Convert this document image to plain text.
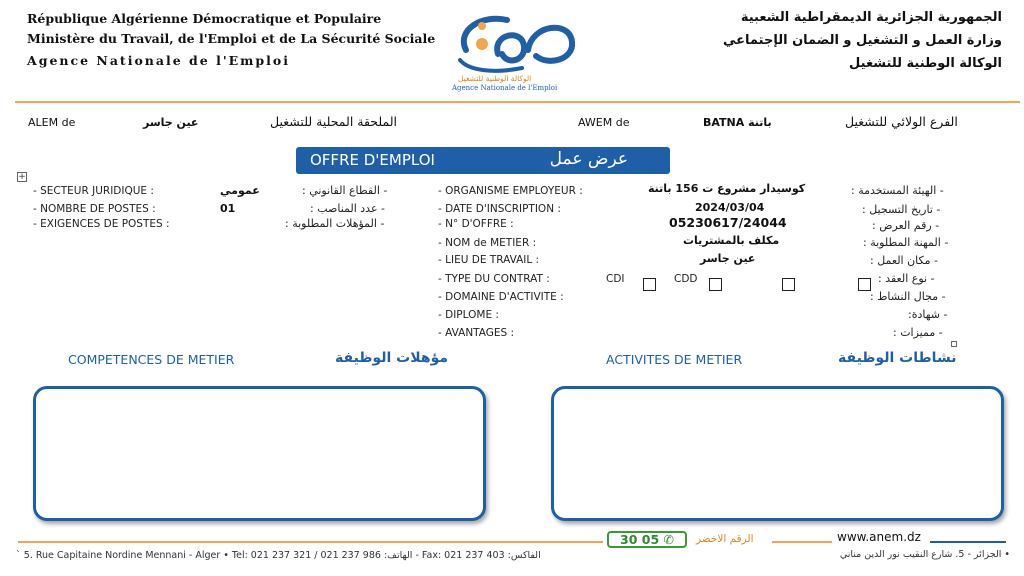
République Algérienne Démocratique et Populaire
Ministère du Travail, de l'Emploi et de La Sécurité Sociale
Agence Nationale de l'Emploi
الجمهورية الجزائرية الديمقراطية الشعبية
وزارة العمل و التشغيل و الضمان الإجتماعي
الوكالة الوطنية للتشغيل
الوكالة الوطنية للتشغيل
Agence Nationale de l'Emploi
ALEM de	عين جاسر	الملحقة المحلية للتشغيل	AWEM de	BATNA باتنة	الفرع الولائي للتشغيل
OFFRE D'EMPLOI	عرض عمل
+
- SECTEUR JURIDIQUE :	عمومي	- القطاع القانوني :
- NOMBRE DE POSTES :	01	- عدد المناصب :
- EXIGENCES DE POSTES :	- المؤهلات المطلوبة :
- ORGANISME EMPLOYEUR :	كوسيدار مشروع ت 156 باتنة	- الهيئة المستخدمة :
- DATE D'INSCRIPTION :	2024/03/04	- تاريخ التسجيل :
- N° D'OFFRE :	05230617/24044	- رقم العرض :
- NOM de METIER :	مكلف بالمشتريات	- المهنة المطلوبة :
- LIEU DE TRAVAIL :	عين جاسر	- مكان العمل :
- TYPE DU CONTRAT :	CDI	CDD	- نوع العقد :
- DOMAINE D'ACTIVITE :	- مجال النشاط :
- DIPLOME :	- شهادة:
- AVANTAGES :	- مميزات :
COMPETENCES DE METIER	مؤهلات الوظيفة	ACTIVITES DE METIER	نشاطات الوظيفة
30 05 ✆	الرقم الاخضر	www.anem.dz
` 5. Rue Capitaine Nordine Mennani - Alger • Tel: 021 237 321 / 021 237 986 :الهاتف - Fax: 021 237 403 :الفاكس	• الجزائر - 5. شارع النقيب نور الدين مناني
